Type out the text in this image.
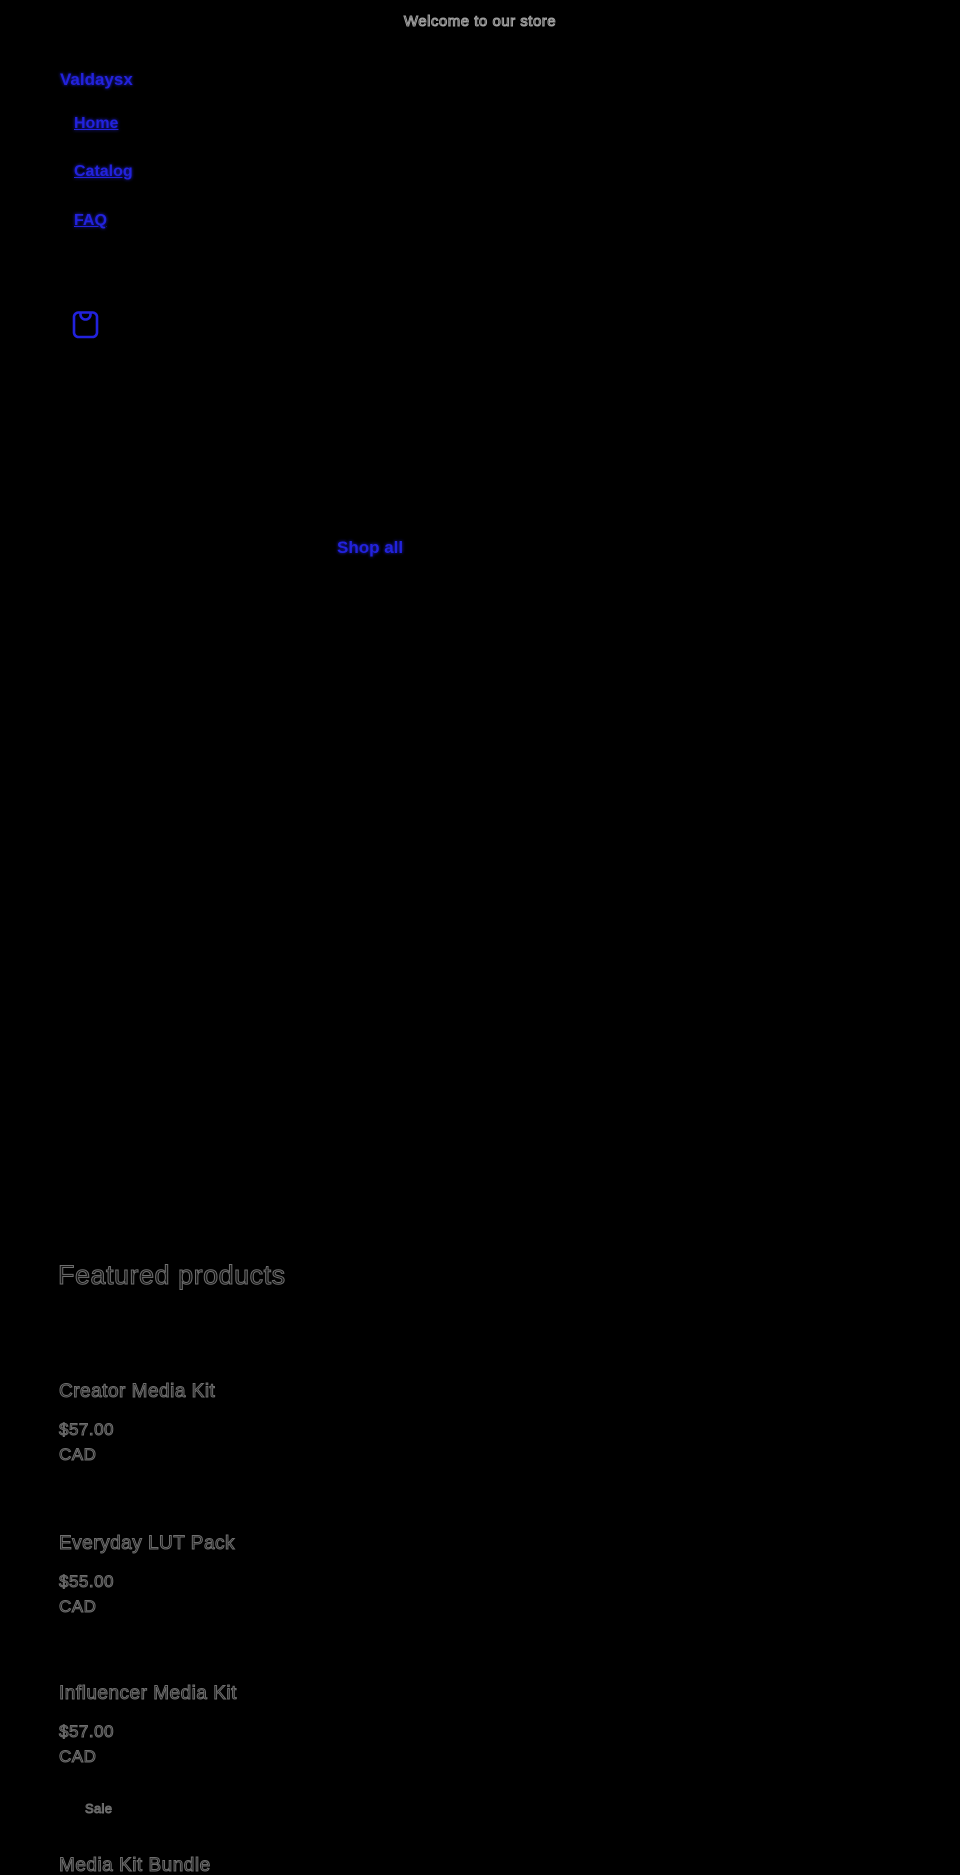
Welcome to our store
Valdaysx
Home
Catalog
FAQ
Shop all
Featured products
Creator Media Kit
$57.00
CAD
Everyday LUT Pack
$55.00
CAD
Influencer Media Kit
$57.00
CAD
Sale
Media Kit Bundle
